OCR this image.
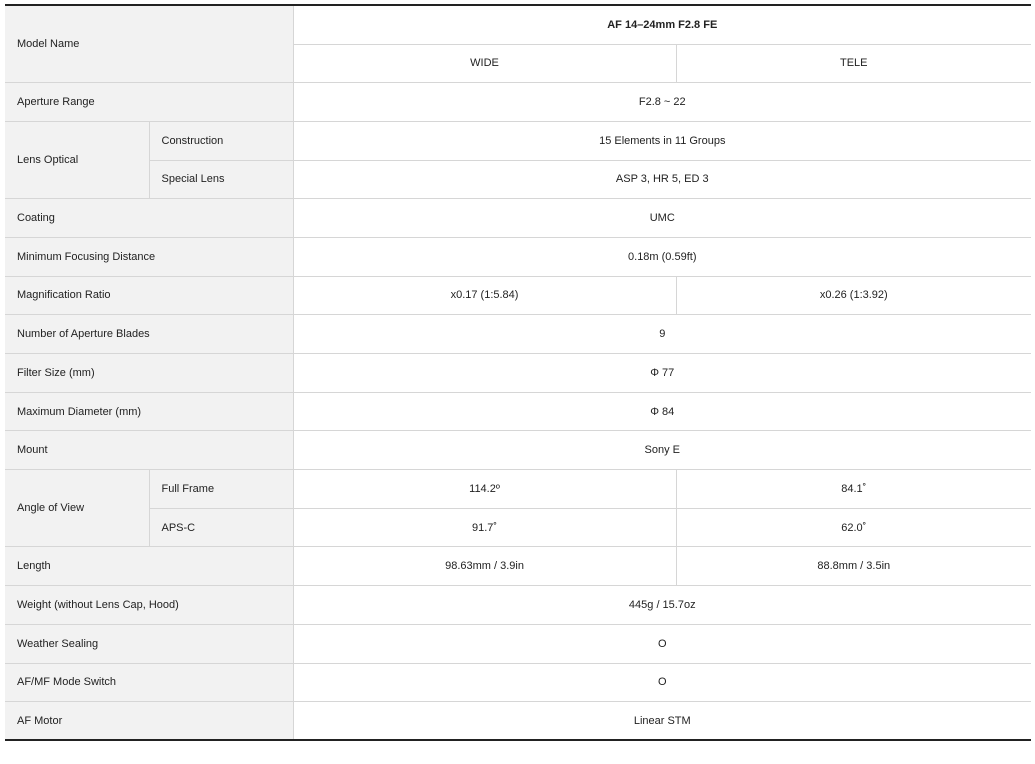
Model Name		AF 14–24mm F2.8 FE	
		WIDE	TELE
Aperture Range		F2.8 ~ 22	
Lens Optical	Construction	15 Elements in 11 Groups	
	Special Lens	ASP 3, HR 5, ED 3	
Coating		UMC	
Minimum Focusing Distance		0.18m (0.59ft)	
Magnification Ratio		x0.17 (1:5.84)	x0.26 (1:3.92)
Number of Aperture Blades		9	
Filter Size (mm)		Φ 77	
Maximum Diameter (mm)		Φ 84	
Mount		Sony E	
Angle of View	Full Frame	114.2º	84.1˚
	APS-C	91.7˚	62.0˚
Length		98.63mm / 3.9in	88.8mm / 3.5in
Weight (without Lens Cap, Hood)		445g / 15.7oz	
Weather Sealing		O	
AF/MF Mode Switch		O	
AF Motor		Linear STM	
